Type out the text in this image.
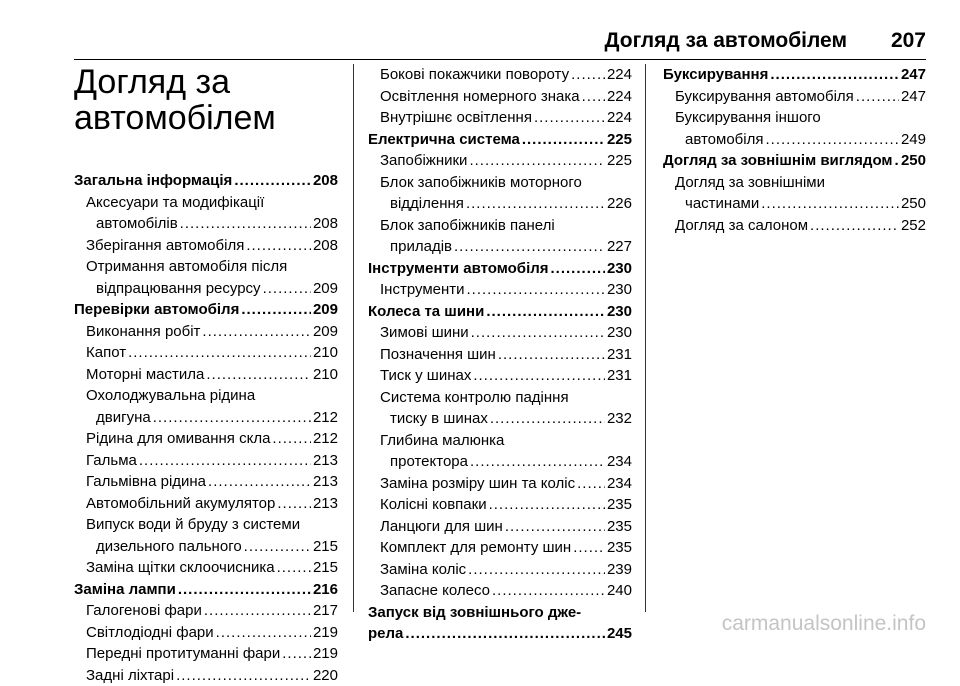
Догляд за автомобілем 207
Догляд за
автомобілем
Загальна інформація .....	208
Аксесуари та модифікації
автомобілів .....	208
Зберігання автомобіля .....	208
Отримання автомобіля після
відпрацювання ресурсу .....	209
Перевірки автомобіля .....	209
Виконання робіт .....	209
Капот .....	210
Моторні мастила .....	210
Охолоджувальна рідина
двигуна .....	212
Рідина для омивання скла .....	212
Гальма .....	213
Гальмівна рідина .....	213
Автомобільний акумулятор .....	213
Випуск води й бруду з системи
дизельного пального .....	215
Заміна щітки склоочисника .....	215
Заміна лампи .....	216
Галогенові фари .....	217
Світлодіодні фари .....	219
Передні протитуманні фари ..... 219
Задні ліхтарі .....	220
Бокові покажчики повороту .....	224
Освітлення номерного знака ..... 224
Внутрішнє освітлення .....	224
Електрична система .....	225
Запобіжники .....	225
Блок запобіжників моторного
відділення .....	226
Блок запобіжників панелі
приладів .....	227
Інструменти автомобіля .....	230
Інструменти .....	230
Колеса та шини .....	230
Зимові шини .....	230
Позначення шин .....	231
Тиск у шинах .....	231
Система контролю падіння
тиску в шинах .....	232
Глибина малюнка
протектора .....	234
Заміна розміру шин та коліс ..... 234
Колісні ковпаки .....	235
Ланцюги для шин .....	235
Комплект для ремонту шин ..... 235
Заміна коліс .....	239
Запасне колесо .....	240
Запуск від зовнішнього дже-
рела .....	245
Буксирування .....	247
Буксирування автомобіля .....	247
Буксирування іншого
автомобіля .....	249
Догляд за зовнішнім виглядом ..... 250
Догляд за зовнішніми
частинами .....	250
Догляд за салоном .....	252
carmanualsonline.info
